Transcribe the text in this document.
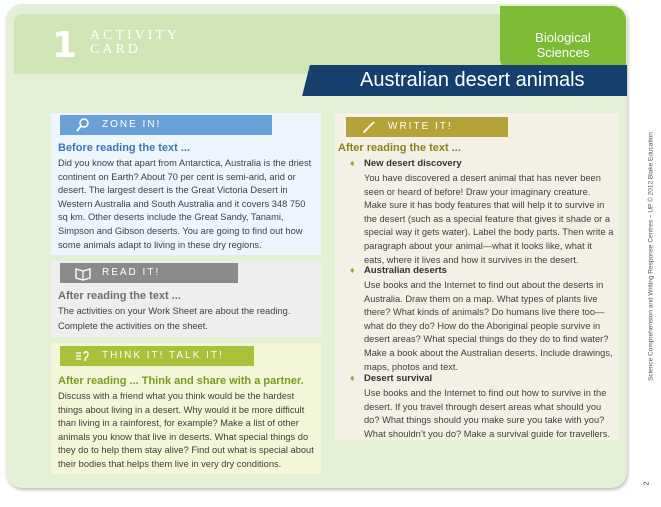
1 ACTIVITY
CARD
Biological
Sciences
Australian desert animals
Science Comprehension and Writing Response Centres – UP © 2012 Blake Education
2
ZONE IN!
Before reading the text ...
Did you know that apart from Antarctica, Australia is the driest continent on Earth? About 70 per cent is semi-arid, arid or desert. The largest desert is the Great Victoria Desert in Western Australia and South Australia and it covers 348 750 sq km. Other deserts include the Great Sandy, Tanami, Simpson and Gibson deserts. You are going to find out how some animals adapt to living in these dry regions.
READ IT!
After reading the text ...
The activities on your Work Sheet are about the reading.
Complete the activities on the sheet.
THINK IT! TALK IT!
After reading ... Think and share with a partner.
Discuss with a friend what you think would be the hardest things about living in a desert. Why would it be more difficult than living in a rainforest, for example? Make a list of other animals you know that live in deserts. What special things do they do to help them stay alive? Find out what is special about their bodies that helps them live in very dry conditions.
WRITE IT!
After reading the text ...
♦ New desert discovery
You have discovered a desert animal that has never been seen or heard of before! Draw your imaginary creature. Make sure it has body features that will help it to survive in the desert (such as a special feature that gives it shade or a special way it gets water). Label the body parts. Then write a paragraph about your animal—what it looks like, what it eats, where it lives and how it survives in the desert.
♦ Australian deserts
Use books and the Internet to find out about the deserts in Australia. Draw them on a map. What types of plants live there? What kinds of animals? Do humans live there too—what do they do? How do the Aboriginal people survive in desert areas? What special things do they do to find water? Make a book about the Australian deserts. Include drawings, maps, photos and text.
♦ Desert survival
Use books and the Internet to find out how to survive in the desert. If you travel through desert areas what should you do? What things should you make sure you take with you? What shouldn’t you do? Make a survival guide for travellers.
